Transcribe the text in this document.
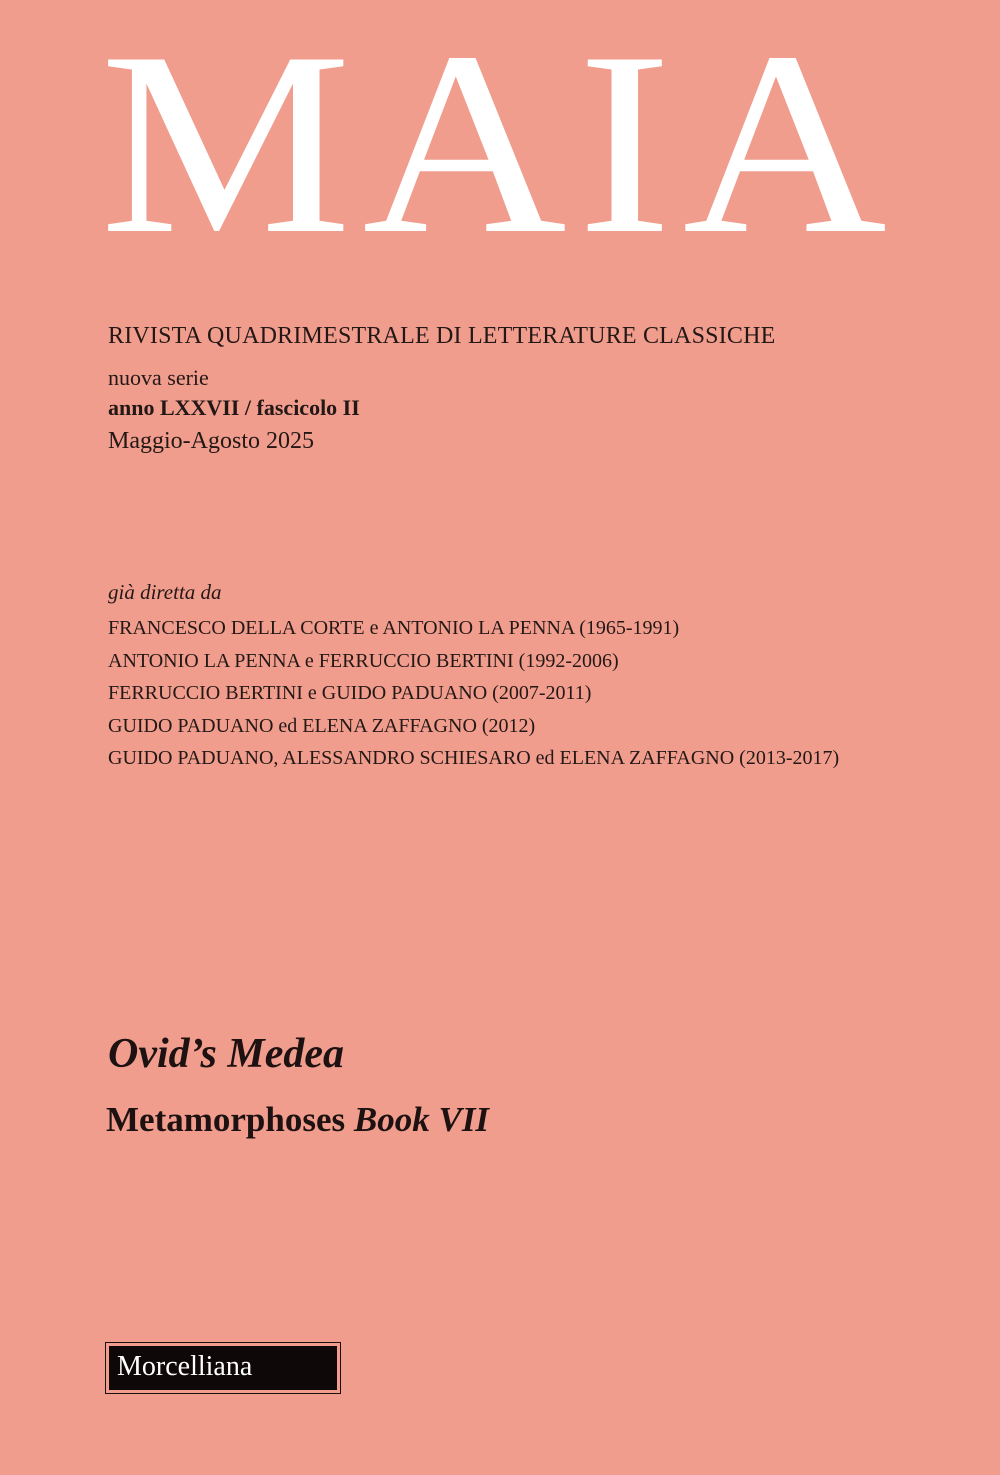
MAIA
RIVISTA QUADRIMESTRALE DI LETTERATURE CLASSICHE
nuova serie
anno LXXVII / fascicolo II
Maggio-Agosto 2025
già diretta da
FRANCESCO DELLA CORTE e ANTONIO LA PENNA (1965-1991)
ANTONIO LA PENNA e FERRUCCIO BERTINI (1992-2006)
FERRUCCIO BERTINI e GUIDO PADUANO (2007-2011)
GUIDO PADUANO ed ELENA ZAFFAGNO (2012)
GUIDO PADUANO, ALESSANDRO SCHIESARO ed ELENA ZAFFAGNO (2013-2017)
Ovid’s Medea
Metamorphoses Book VII
Morcelliana
